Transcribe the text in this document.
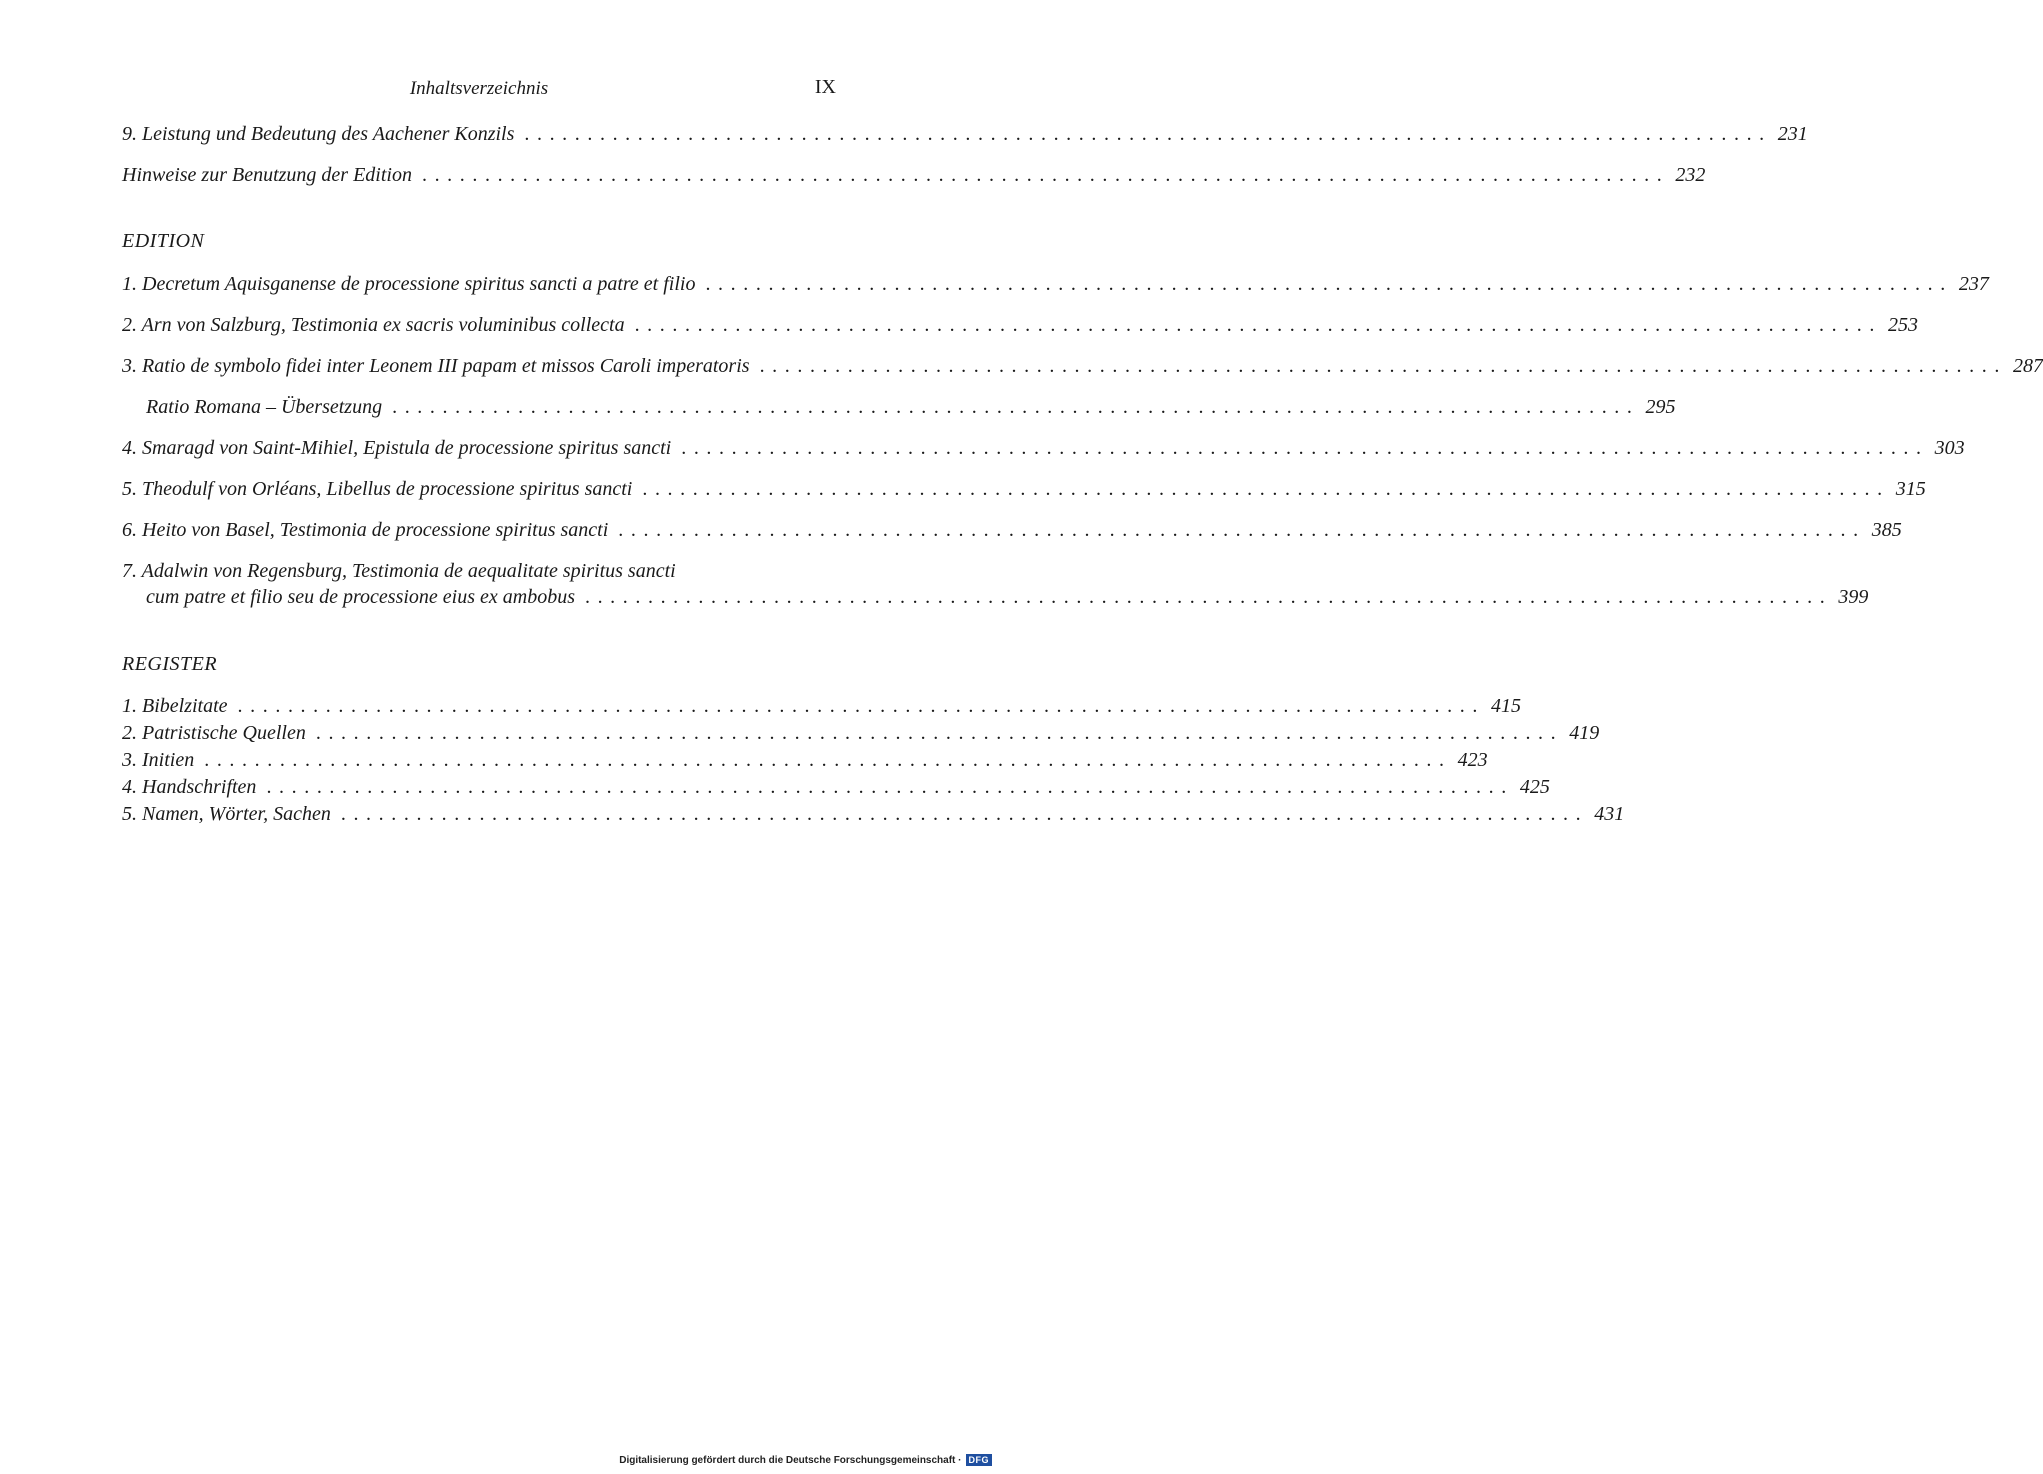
Inhaltsverzeichnis	IX
9. Leistung und Bedeutung des Aachener Konzils ................................................................................................... 231
Hinweise zur Benutzung der Edition ................................................................................................... 232
EDITION
1. Decretum Aquisganense de processione spiritus sancti a patre et filio ................................................................................................... 237
2. Arn von Salzburg, Testimonia ex sacris voluminibus collecta ................................................................................................... 253
3. Ratio de symbolo fidei inter Leonem III papam et missos Caroli imperatoris ................................................................................................... 287
Ratio Romana – Übersetzung ................................................................................................... 295
4. Smaragd von Saint-Mihiel, Epistula de processione spiritus sancti ................................................................................................... 303
5. Theodulf von Orléans, Libellus de processione spiritus sancti ................................................................................................... 315
6. Heito von Basel, Testimonia de processione spiritus sancti ................................................................................................... 385
7. Adalwin von Regensburg, Testimonia de aequalitate spiritus sancti
cum patre et filio seu de processione eius ex ambobus ................................................................................................... 399
REGISTER
1. Bibelzitate ................................................................................................... 415
2. Patristische Quellen ................................................................................................... 419
3. Initien ................................................................................................... 423
4. Handschriften ................................................................................................... 425
5. Namen, Wörter, Sachen ................................................................................................... 431
Digitalisierung gefördert durch die Deutsche Forschungsgemeinschaft · DFG
